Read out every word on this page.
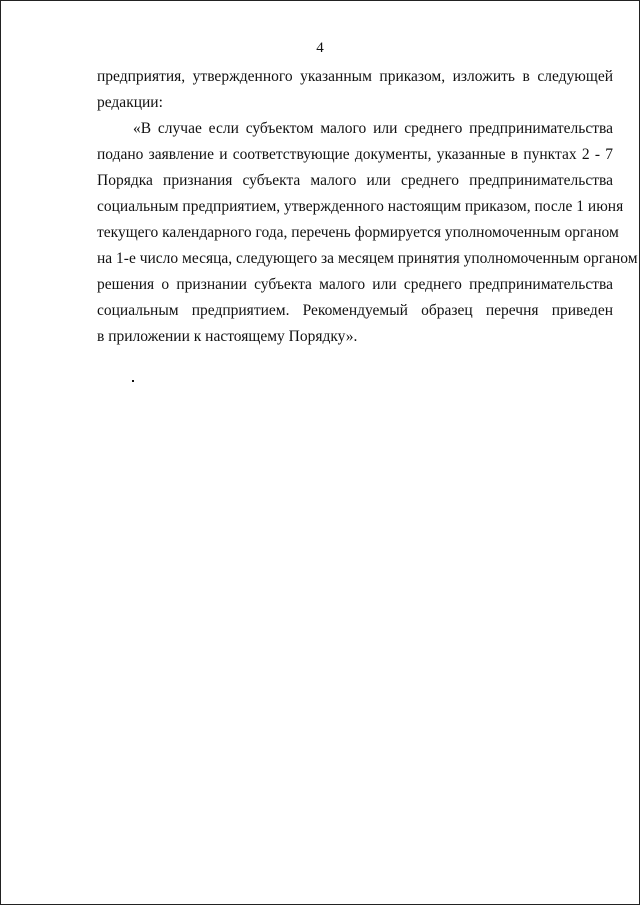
4
предприятия, утвержденного указанным приказом, изложить в следующей
редакции:
«В случае если субъектом малого или среднего предпринимательства
подано заявление и соответствующие документы, указанные в пунктах 2 - 7
Порядка признания субъекта малого или среднего предпринимательства
социальным предприятием, утвержденного настоящим приказом, после 1 июня
текущего календарного года, перечень формируется уполномоченным органом
на 1-е число месяца, следующего за месяцем принятия уполномоченным органом
решения о признании субъекта малого или среднего предпринимательства
социальным предприятием. Рекомендуемый образец перечня приведен
в приложении к настоящему Порядку».
